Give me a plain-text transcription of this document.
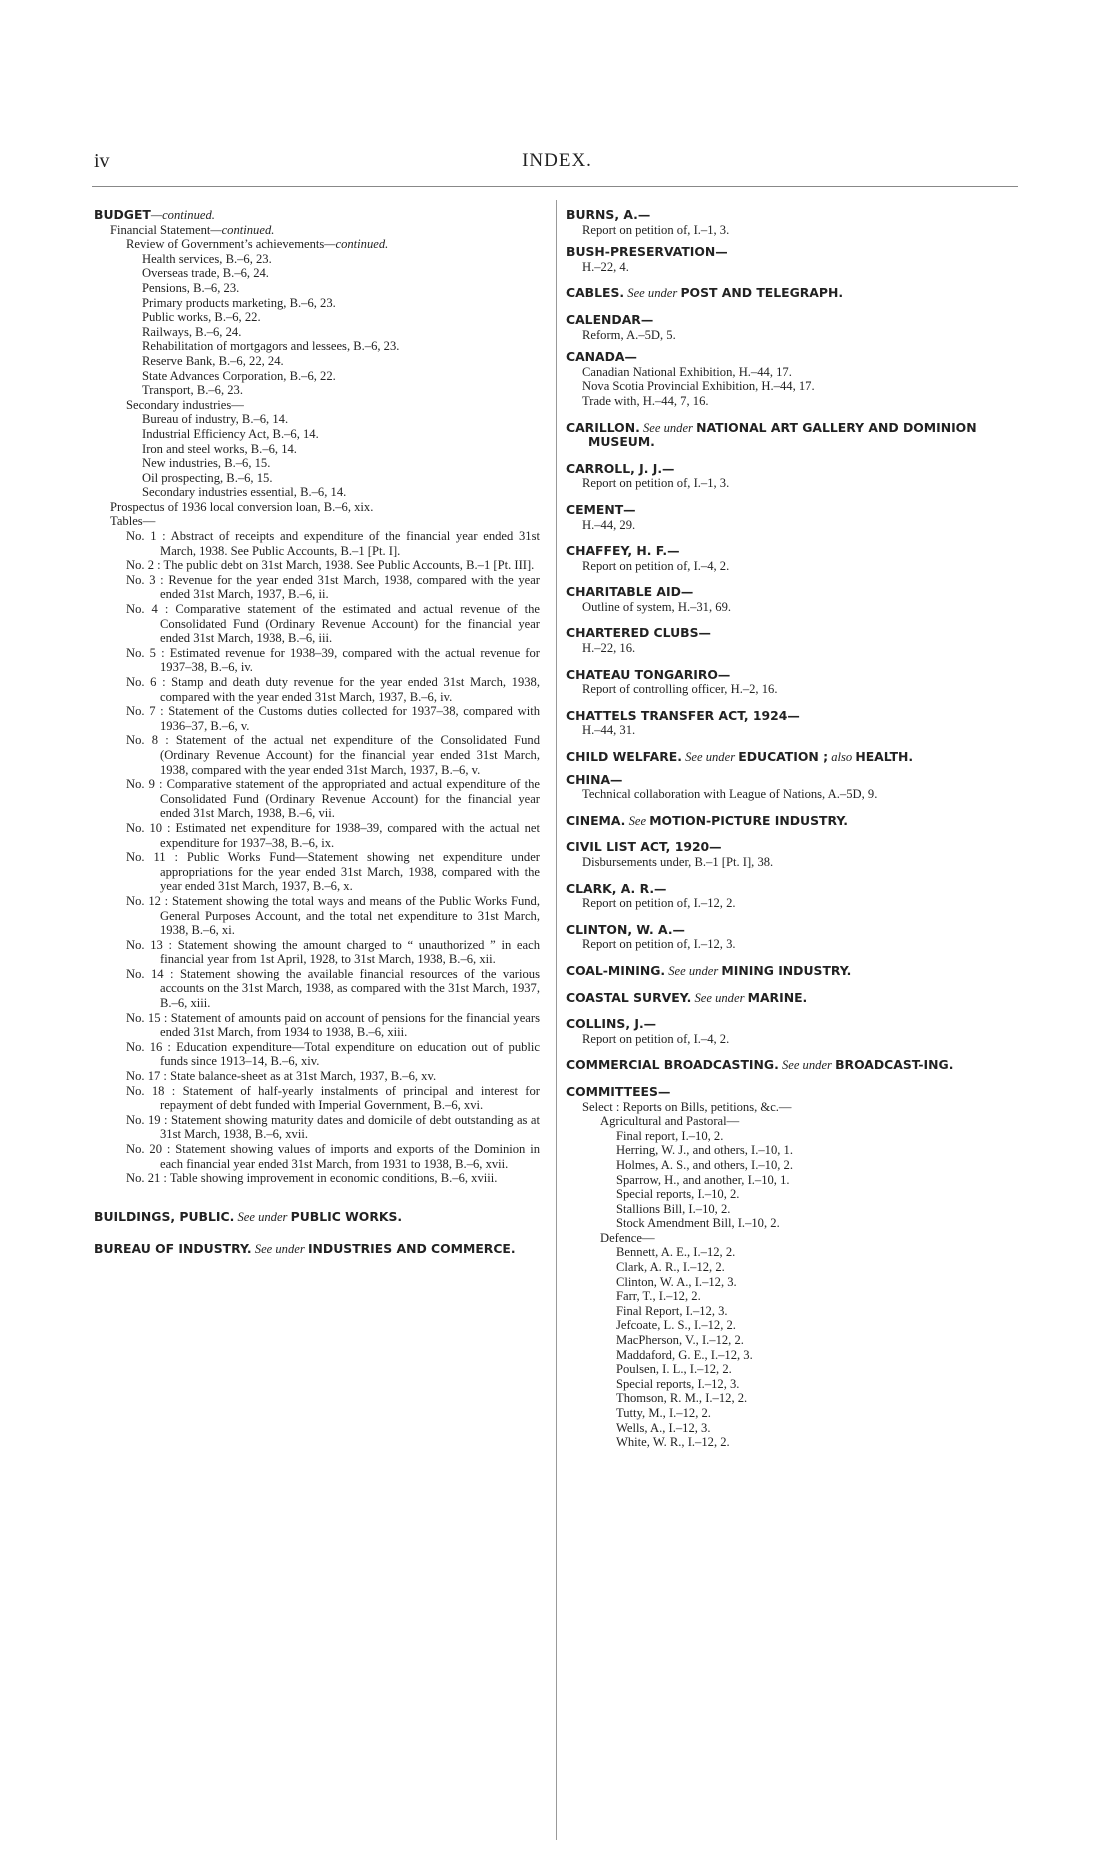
iv	INDEX.
BUDGET—continued.
Financial Statement—continued.
Review of Government’s achievements—continued.
Health services, B.–6, 23.
Overseas trade, B.–6, 24.
Pensions, B.–6, 23.
Primary products marketing, B.–6, 23.
Public works, B.–6, 22.
Railways, B.–6, 24.
Rehabilitation of mortgagors and lessees, B.–6, 23.
Reserve Bank, B.–6, 22, 24.
State Advances Corporation, B.–6, 22.
Transport, B.–6, 23.
Secondary industries—
Bureau of industry, B.–6, 14.
Industrial Efficiency Act, B.–6, 14.
Iron and steel works, B.–6, 14.
New industries, B.–6, 15.
Oil prospecting, B.–6, 15.
Secondary industries essential, B.–6, 14.
Prospectus of 1936 local conversion loan, B.–6, xix.
Tables—
No. 1 : Abstract of receipts and expenditure of the financial year ended 31st March, 1938. See Public Accounts, B.–1 [Pt. I].
No. 2 : The public debt on 31st March, 1938. See Public Accounts, B.–1 [Pt. III].
No. 3 : Revenue for the year ended 31st March, 1938, compared with the year ended 31st March, 1937, B.–6, ii.
No. 4 : Comparative statement of the estimated and actual revenue of the Consolidated Fund (Ordinary Revenue Account) for the financial year ended 31st March, 1938, B.–6, iii.
No. 5 : Estimated revenue for 1938–39, compared with the actual revenue for 1937–38, B.–6, iv.
No. 6 : Stamp and death duty revenue for the year ended 31st March, 1938, compared with the year ended 31st March, 1937, B.–6, iv.
No. 7 : Statement of the Customs duties collected for 1937–38, compared with 1936–37, B.–6, v.
No. 8 : Statement of the actual net expenditure of the Consolidated Fund (Ordinary Revenue Account) for the financial year ended 31st March, 1938, compared with the year ended 31st March, 1937, B.–6, v.
No. 9 : Comparative statement of the appropriated and actual expenditure of the Consolidated Fund (Ordinary Revenue Account) for the financial year ended 31st March, 1938, B.–6, vii.
No. 10 : Estimated net expenditure for 1938–39, compared with the actual net expenditure for 1937–38, B.–6, ix.
No. 11 : Public Works Fund—Statement showing net expenditure under appropriations for the year ended 31st March, 1938, compared with the year ended 31st March, 1937, B.–6, x.
No. 12 : Statement showing the total ways and means of the Public Works Fund, General Purposes Account, and the total net expenditure to 31st March, 1938, B.–6, xi.
No. 13 : Statement showing the amount charged to “ unauthorized ” in each financial year from 1st April, 1928, to 31st March, 1938, B.–6, xii.
No. 14 : Statement showing the available financial resources of the various accounts on the 31st March, 1938, as compared with the 31st March, 1937, B.–6, xiii.
No. 15 : Statement of amounts paid on account of pensions for the financial years ended 31st March, from 1934 to 1938, B.–6, xiii.
No. 16 : Education expenditure—Total expenditure on education out of public funds since 1913–14, B.–6, xiv.
No. 17 : State balance-sheet as at 31st March, 1937, B.–6, xv.
No. 18 : Statement of half-yearly instalments of principal and interest for repayment of debt funded with Imperial Government, B.–6, xvi.
No. 19 : Statement showing maturity dates and domicile of debt outstanding as at 31st March, 1938, B.–6, xvii.
No. 20 : Statement showing values of imports and exports of the Dominion in each financial year ended 31st March, from 1931 to 1938, B.–6, xvii.
No. 21 : Table showing improvement in economic conditions, B.–6, xviii.
BUILDINGS, PUBLIC. See under PUBLIC WORKS.
BUREAU OF INDUSTRY. See under INDUSTRIES AND COMMERCE.
BURNS, A.—
Report on petition of, I.–1, 3.
BUSH-PRESERVATION—
H.–22, 4.
CABLES. See under POST AND TELEGRAPH.
CALENDAR—
Reform, A.–5D, 5.
CANADA—
Canadian National Exhibition, H.–44, 17.
Nova Scotia Provincial Exhibition, H.–44, 17.
Trade with, H.–44, 7, 16.
CARILLON. See under NATIONAL ART GALLERY AND DOMINION MUSEUM.
CARROLL, J. J.—
Report on petition of, I.–1, 3.
CEMENT—
H.–44, 29.
CHAFFEY, H. F.—
Report on petition of, I.–4, 2.
CHARITABLE AID—
Outline of system, H.–31, 69.
CHARTERED CLUBS—
H.–22, 16.
CHATEAU TONGARIRO—
Report of controlling officer, H.–2, 16.
CHATTELS TRANSFER ACT, 1924—
H.–44, 31.
CHILD WELFARE. See under EDUCATION ; also HEALTH.
CHINA—
Technical collaboration with League of Nations, A.–5D, 9.
CINEMA. See MOTION-PICTURE INDUSTRY.
CIVIL LIST ACT, 1920—
Disbursements under, B.–1 [Pt. I], 38.
CLARK, A. R.—
Report on petition of, I.–12, 2.
CLINTON, W. A.—
Report on petition of, I.–12, 3.
COAL-MINING. See under MINING INDUSTRY.
COASTAL SURVEY. See under MARINE.
COLLINS, J.—
Report on petition of, I.–4, 2.
COMMERCIAL BROADCASTING. See under BROADCAST-ING.
COMMITTEES—
Select : Reports on Bills, petitions, &c.—
Agricultural and Pastoral—
Final report, I.–10, 2.
Herring, W. J., and others, I.–10, 1.
Holmes, A. S., and others, I.–10, 2.
Sparrow, H., and another, I.–10, 1.
Special reports, I.–10, 2.
Stallions Bill, I.–10, 2.
Stock Amendment Bill, I.–10, 2.
Defence—
Bennett, A. E., I.–12, 2.
Clark, A. R., I.–12, 2.
Clinton, W. A., I.–12, 3.
Farr, T., I.–12, 2.
Final Report, I.–12, 3.
Jefcoate, L. S., I.–12, 2.
MacPherson, V., I.–12, 2.
Maddaford, G. E., I.–12, 3.
Poulsen, I. L., I.–12, 2.
Special reports, I.–12, 3.
Thomson, R. M., I.–12, 2.
Tutty, M., I.–12, 2.
Wells, A., I.–12, 3.
White, W. R., I.–12, 2.
